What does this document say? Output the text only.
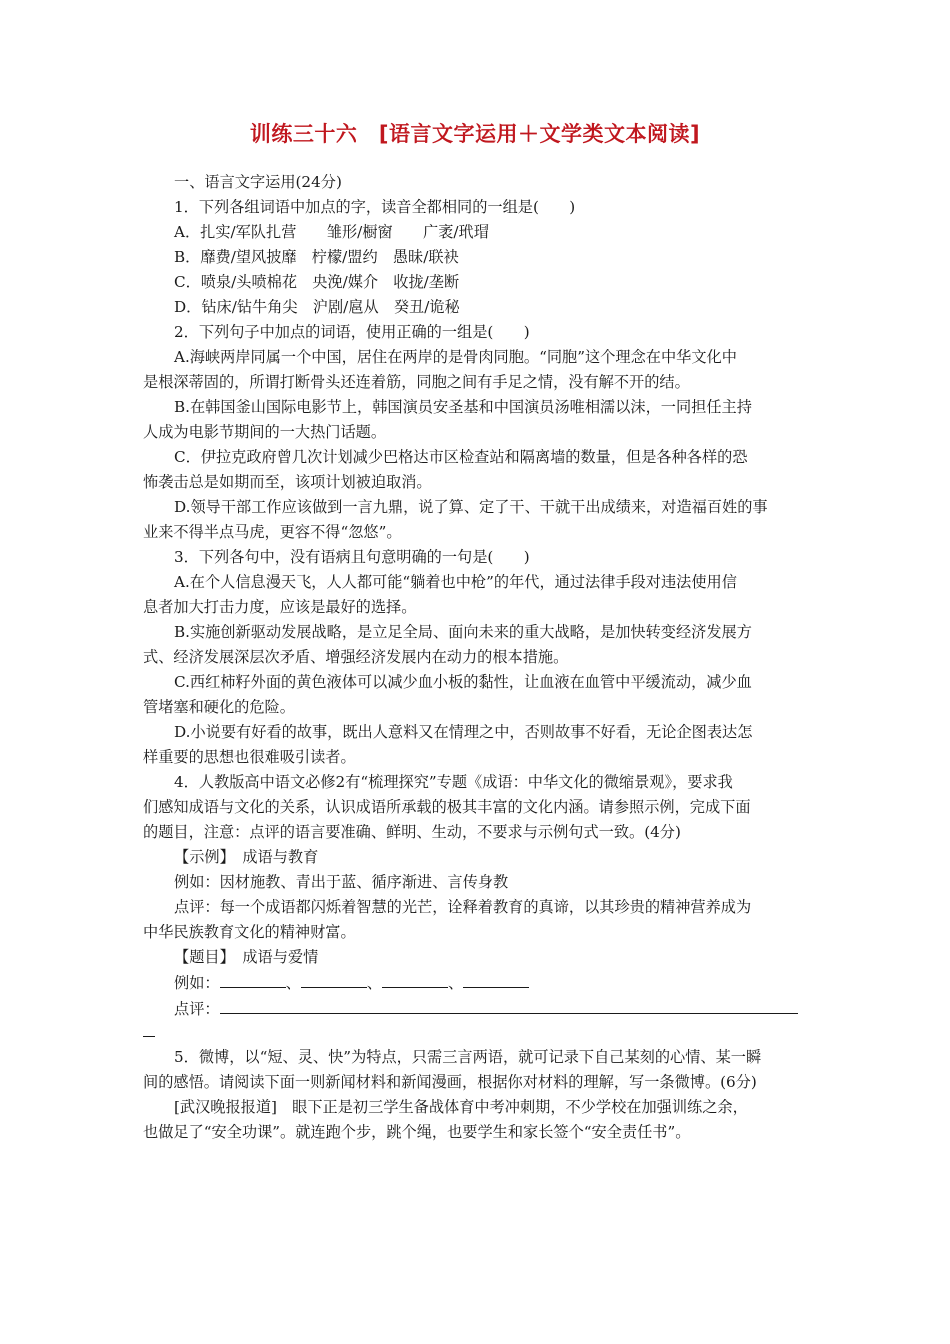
训练三十六　[语言文字运用＋文学类文本阅读]

一、语言文字运用(24分)

1．下列各组词语中加点的字，读音全都相同的一组是(　　)

A．扎实/军队扎营　　雏形/橱窗　　广袤/玳瑁

B．靡费/望风披靡　柠檬/盟约　愚昧/联袂

C．喷泉/头喷棉花　央浼/媒介　收拢/垄断

D．钻床/钻牛角尖　沪剧/扈从　癸丑/诡秘

2．下列句子中加点的词语，使用正确的一组是(　　)

A.海峡两岸同属一个中国，居住在两岸的是骨肉同胞。“同胞”这个理念在中华文化中

是根深蒂固的，所谓打断骨头还连着筋，同胞之间有手足之情，没有解不开的结。

B.在韩国釜山国际电影节上，韩国演员安圣基和中国演员汤唯相濡以沫，一同担任主持

人成为电影节期间的一大热门话题。

C．伊拉克政府曾几次计划减少巴格达市区检查站和隔离墙的数量，但是各种各样的恐

怖袭击总是如期而至，该项计划被迫取消。

D.领导干部工作应该做到一言九鼎，说了算、定了干、干就干出成绩来，对造福百姓的事

业来不得半点马虎，更容不得“忽悠”。

3．下列各句中，没有语病且句意明确的一句是(　　)

A.在个人信息漫天飞，人人都可能“躺着也中枪”的年代，通过法律手段对违法使用信

息者加大打击力度，应该是最好的选择。

B.实施创新驱动发展战略，是立足全局、面向未来的重大战略，是加快转变经济发展方

式、经济发展深层次矛盾、增强经济发展内在动力的根本措施。

C.西红柿籽外面的黄色液体可以减少血小板的黏性，让血液在血管中平缓流动，减少血

管堵塞和硬化的危险。

D.小说要有好看的故事，既出人意料又在情理之中，否则故事不好看，无论企图表达怎

样重要的思想也很难吸引读者。

4．人教版高中语文必修2有“梳理探究”专题《成语：中华文化的微缩景观》，要求我

们感知成语与文化的关系，认识成语所承载的极其丰富的文化内涵。请参照示例，完成下面

的题目，注意：点评的语言要准确、鲜明、生动，不要求与示例句式一致。(4分)

【示例】　成语与教育

例如：因材施教、青出于蓝、循序渐进、言传身教

点评：每一个成语都闪烁着智慧的光芒，诠释着教育的真谛，以其珍贵的精神营养成为

中华民族教育文化的精神财富。

【题目】　成语与爱情

例如：	、	、	、

点评：

5．微博，以“短、灵、快”为特点，只需三言两语，就可记录下自己某刻的心情、某一瞬

间的感悟。请阅读下面一则新闻材料和新闻漫画，根据你对材料的理解，写一条微博。(6分)

[武汉晚报报道]　眼下正是初三学生备战体育中考冲刺期，不少学校在加强训练之余，

也做足了“安全功课”。就连跑个步，跳个绳，也要学生和家长签个“安全责任书”。
